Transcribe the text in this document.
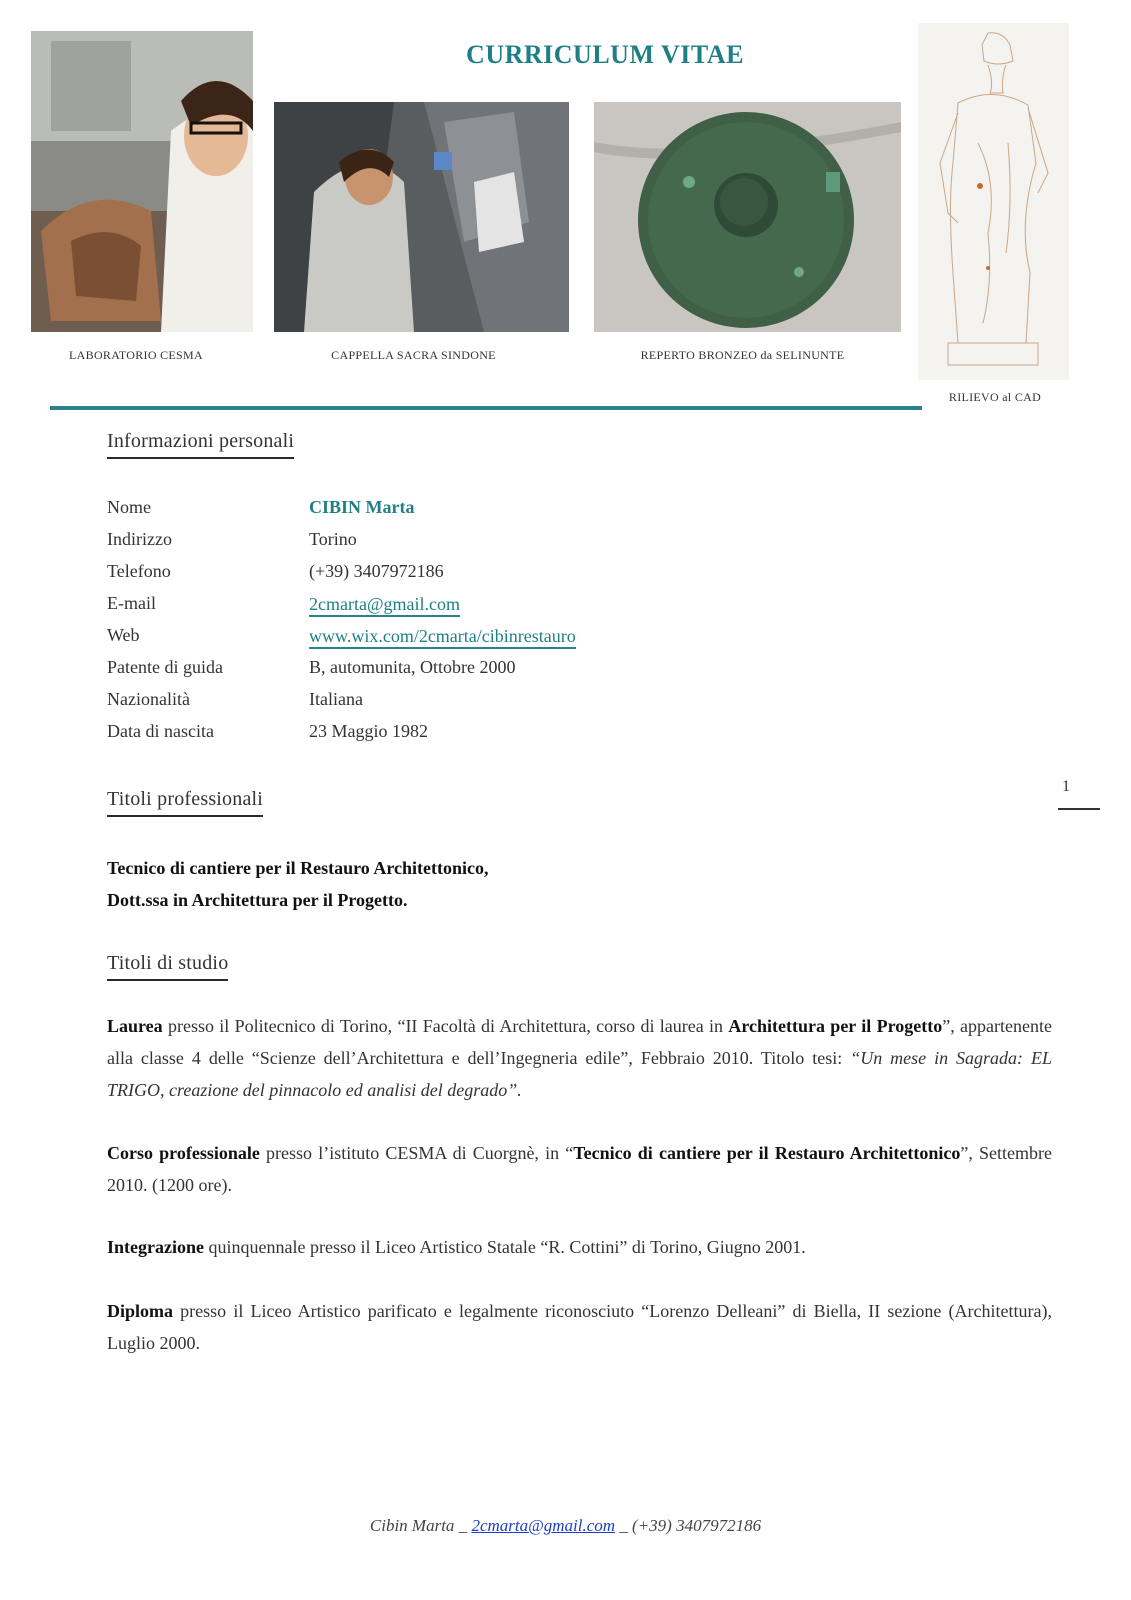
CURRICULUM VITAE
LABORATORIO CESMA	CAPPELLA SACRA SINDONE	REPERTO BRONZEO da SELINUNTE
RILIEVO al CAD
Informazioni personali
Nome	CIBIN Marta
Indirizzo	Torino
Telefono	(+39) 3407972186
E-mail	2cmarta@gmail.com
Web	www.wix.com/2cmarta/cibinrestauro
Patente di guida	B, automunita, Ottobre 2000
Nazionalità	Italiana
Data di nascita	23 Maggio 1982
1
Titoli professionali
Tecnico di cantiere per il Restauro Architettonico,
Dott.ssa in Architettura per il Progetto.
Titoli di studio
Laurea presso il Politecnico di Torino, “II Facoltà di Architettura, corso di laurea in Architettura per il Progetto”, appartenente alla classe 4 delle “Scienze dell’Architettura e dell’Ingegneria edile”, Febbraio 2010. Titolo tesi: “Un mese in Sagrada: EL TRIGO, creazione del pinnacolo ed analisi del degrado”.
Corso professionale presso l’istituto CESMA di Cuorgnè, in “Tecnico di cantiere per il Restauro Architettonico”, Settembre 2010. (1200 ore).
Integrazione quinquennale presso il Liceo Artistico Statale “R. Cottini” di Torino, Giugno 2001.
Diploma presso il Liceo Artistico parificato e legalmente riconosciuto “Lorenzo Delleani” di Biella, II sezione (Architettura), Luglio 2000.
Cibin Marta _ 2cmarta@gmail.com _ (+39) 3407972186
